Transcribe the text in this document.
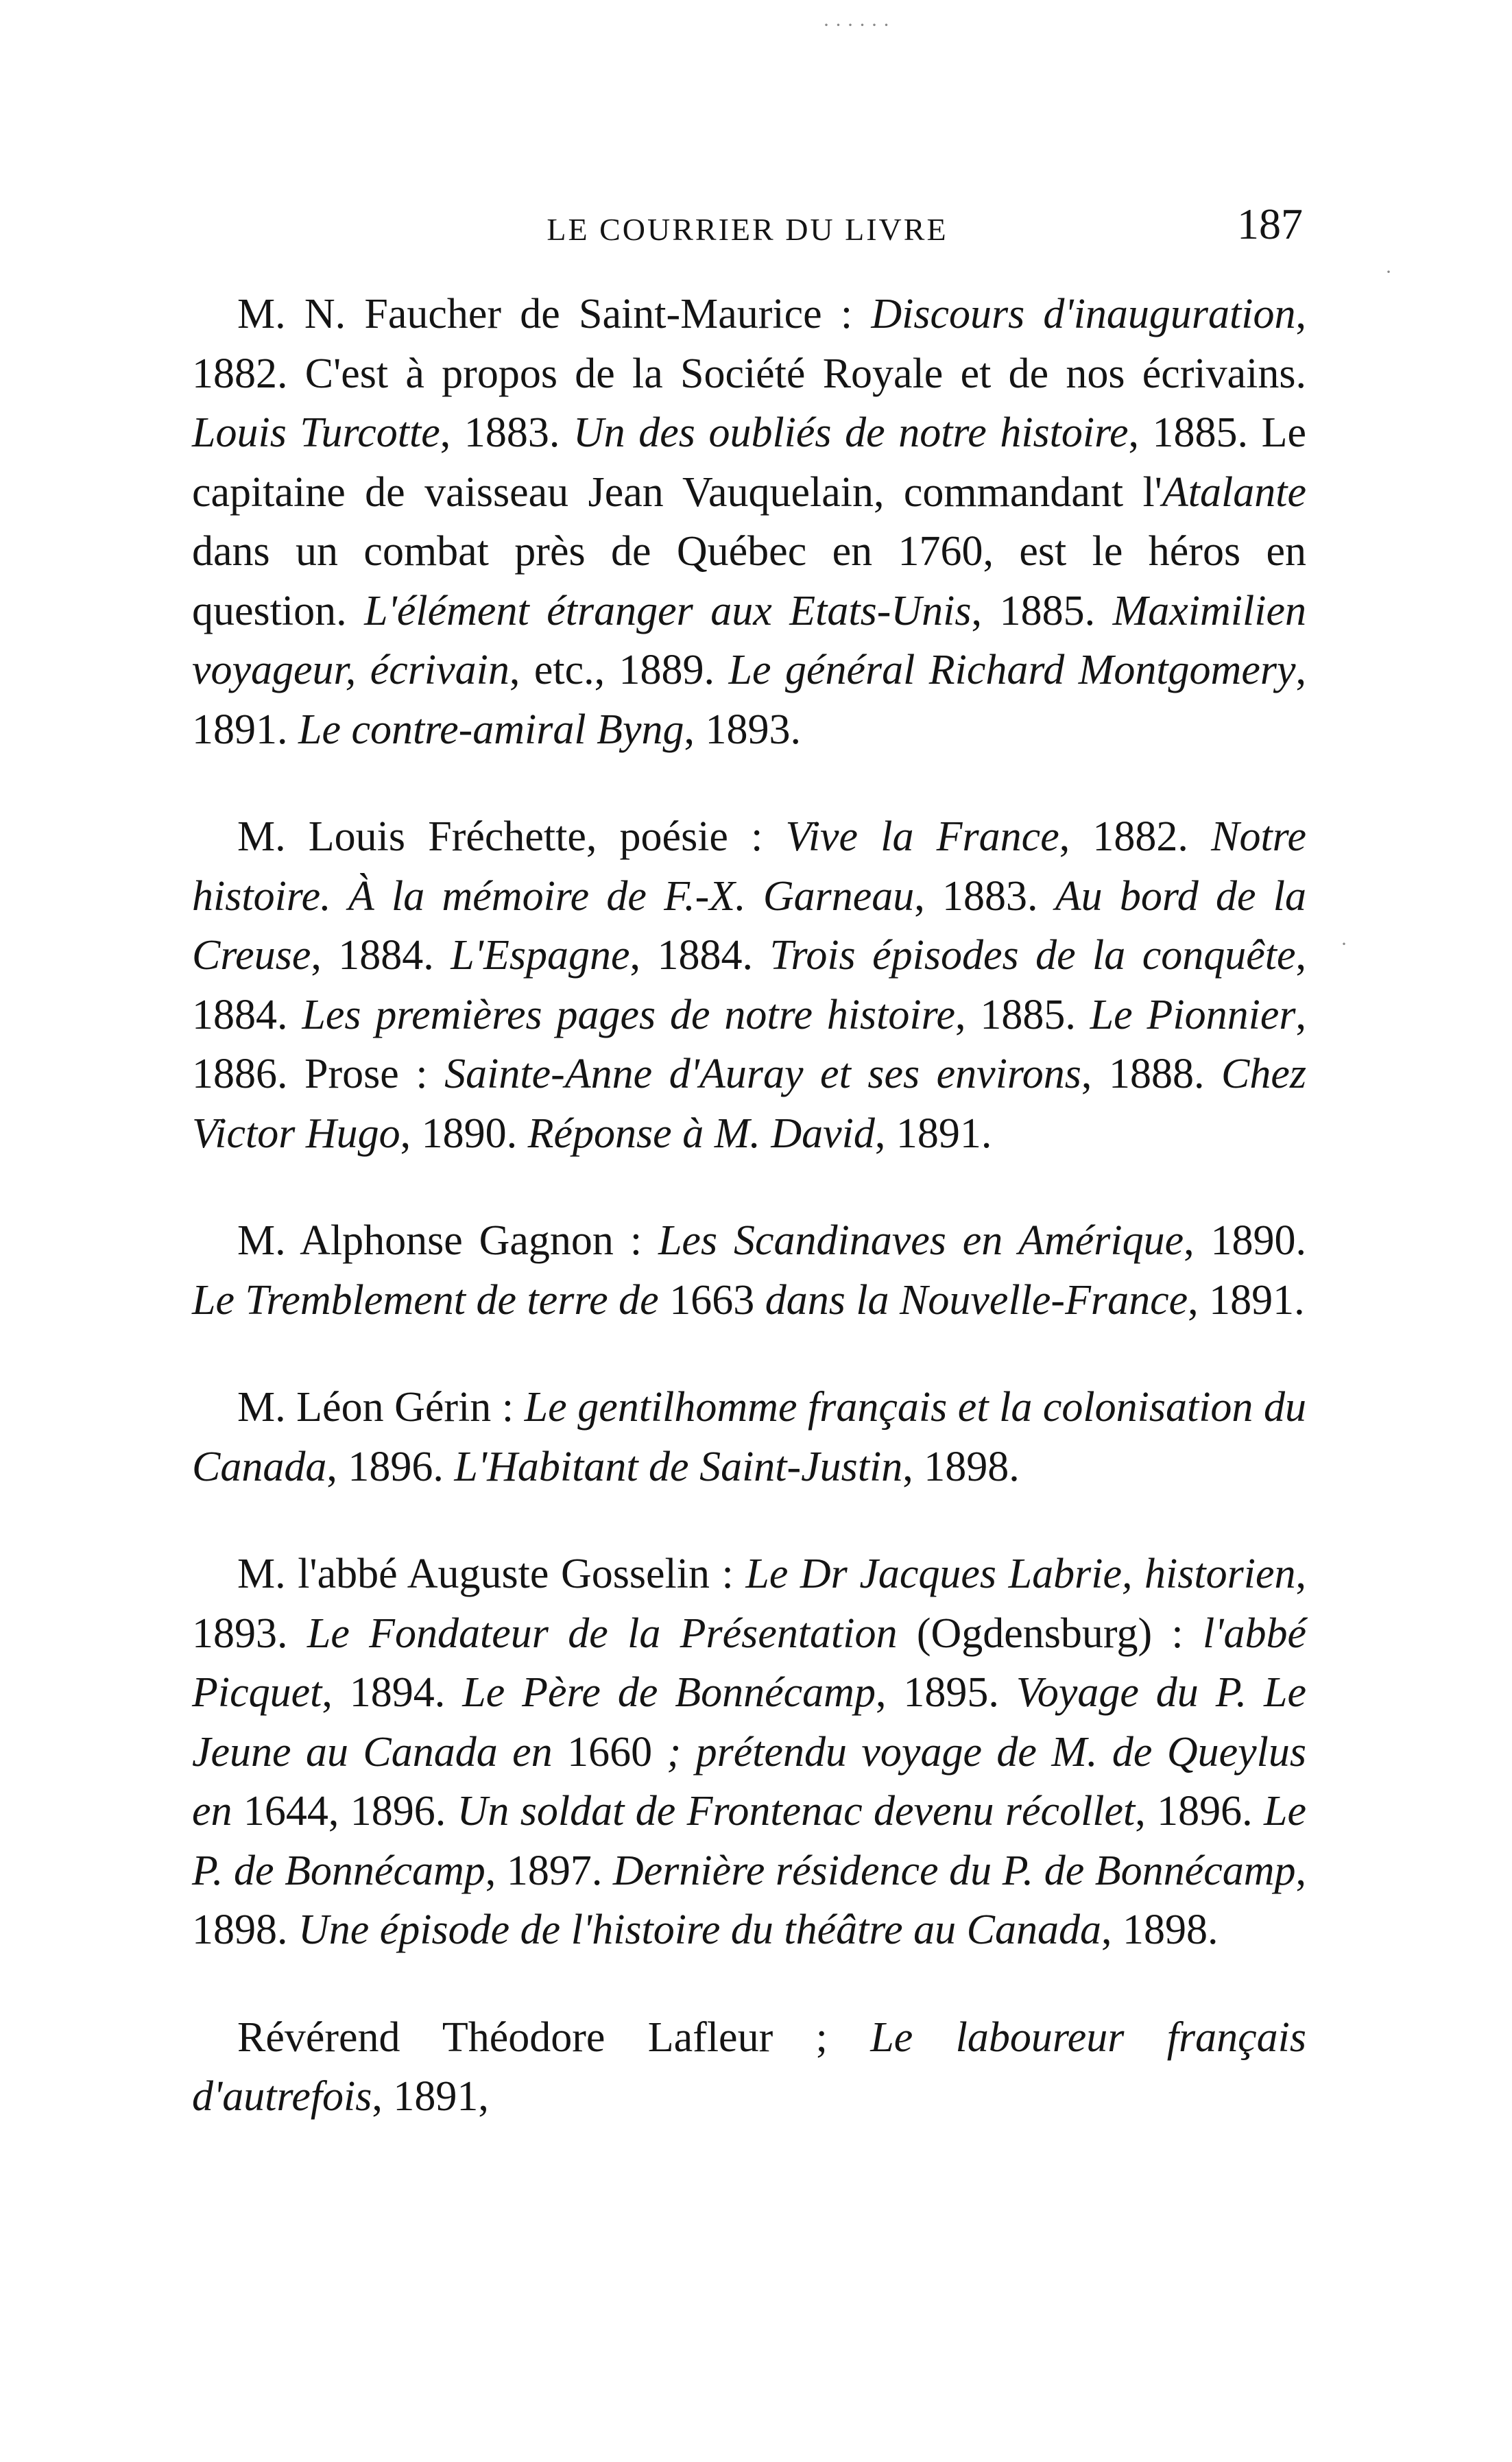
LE COURRIER DU LIVRE	187

M. N. Faucher de Saint-Maurice : Discours d'inauguration, 1882. C'est à propos de la Société Royale et de nos écrivains. Louis Turcotte, 1883. Un des oubliés de notre histoire, 1885. Le capitaine de vaisseau Jean Vauquelain, commandant l'Atalante dans un combat près de Québec en 1760, est le héros en question. L'élément étranger aux Etats-Unis, 1885. Maximilien voyageur, écrivain, etc., 1889. Le général Richard Montgomery, 1891. Le contre-amiral Byng, 1893.

M. Louis Fréchette, poésie : Vive la France, 1882. Notre histoire. À la mémoire de F.-X. Garneau, 1883. Au bord de la Creuse, 1884. L'Espagne, 1884. Trois épisodes de la conquête, 1884. Les premières pages de notre histoire, 1885. Le Pionnier, 1886. Prose : Sainte-Anne d'Auray et ses environs, 1888. Chez Victor Hugo, 1890. Réponse à M. David, 1891.

M. Alphonse Gagnon : Les Scandinaves en Amérique, 1890. Le Tremblement de terre de 1663 dans la Nouvelle-France, 1891.

M. Léon Gérin : Le gentilhomme français et la colonisation du Canada, 1896. L'Habitant de Saint-Justin, 1898.

M. l'abbé Auguste Gosselin : Le Dr Jacques Labrie, historien, 1893. Le Fondateur de la Présentation (Ogdensburg) : l'abbé Picquet, 1894. Le Père de Bonnécamp, 1895. Voyage du P. Le Jeune au Canada en 1660 ; prétendu voyage de M. de Queylus en 1644, 1896. Un soldat de Frontenac devenu récollet, 1896. Le P. de Bonnécamp, 1897. Dernière résidence du P. de Bonnécamp, 1898. Une épisode de l'histoire du théâtre au Canada, 1898.

Révérend Théodore Lafleur ; Le laboureur français d'autrefois, 1891,

· · · · · ·
·
·
